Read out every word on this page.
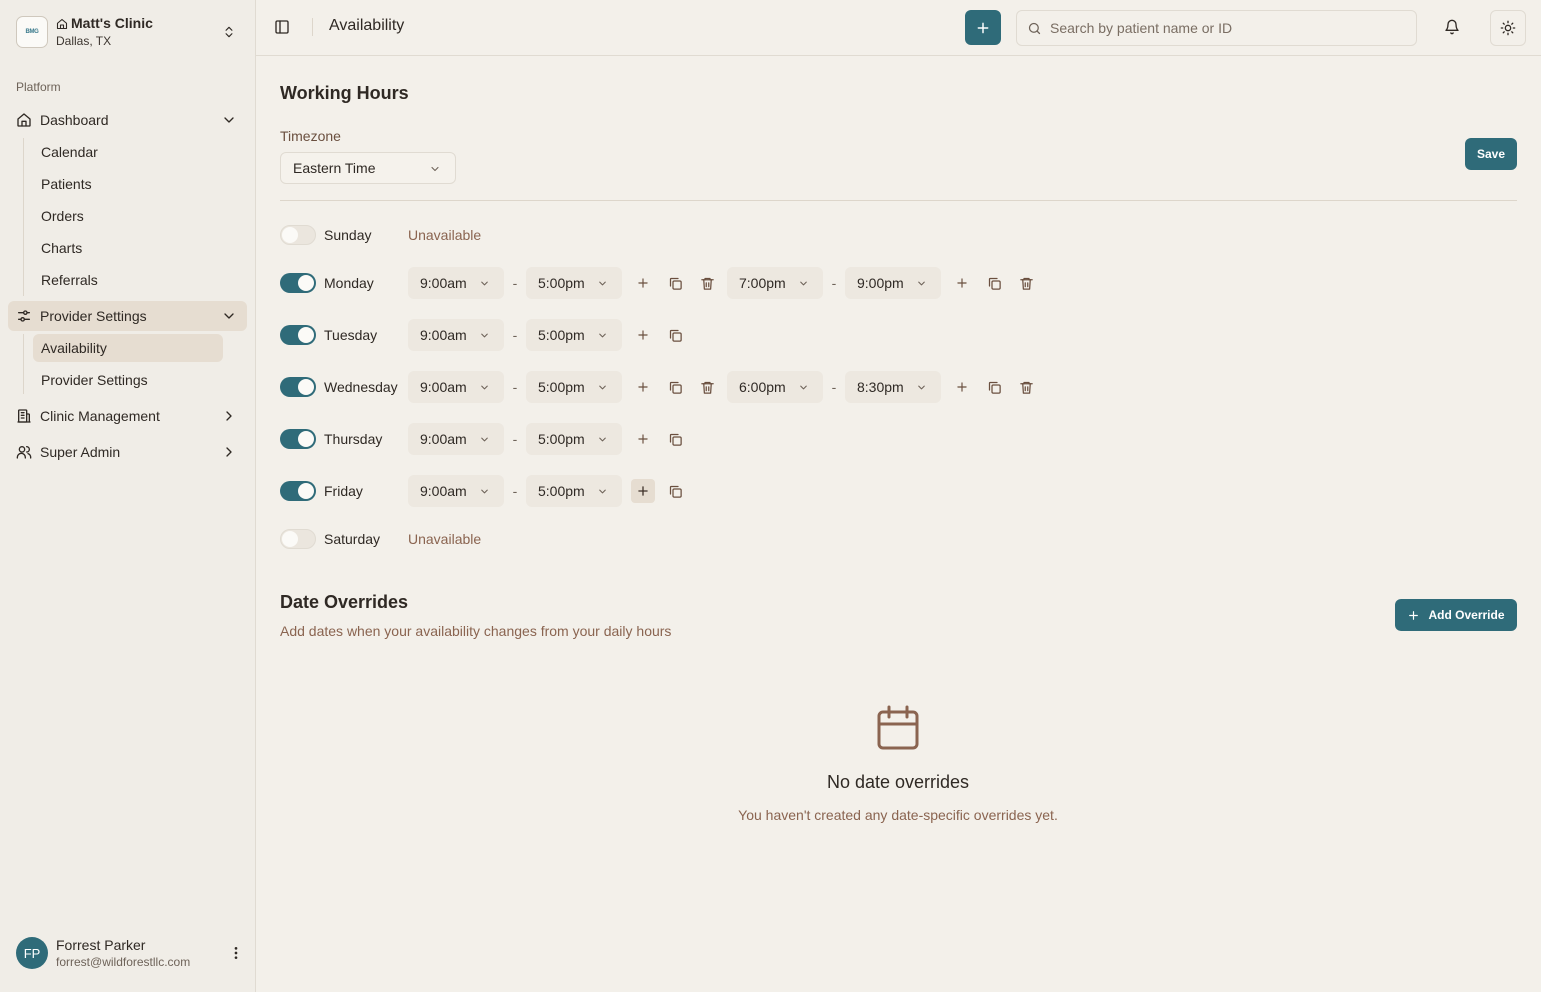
BMG
Matt's Clinic
Dallas, TX
Platform
Dashboard
Calendar
Patients
Orders
Charts
Referrals
Provider Settings
Availability
Provider Settings
Clinic Management
Super Admin
FP
Forrest Parker
forrest@wildforestllc.com
Availability
Search by patient name or ID
Working Hours
Timezone
Eastern Time
Save
Sunday	Unavailable
Monday	9:00am	-	5:00pm	7:00pm	-	9:00pm
Tuesday	9:00am	-	5:00pm
Wednesday	9:00am	-	5:00pm	6:00pm	-	8:30pm
Thursday	9:00am	-	5:00pm
Friday	9:00am	-	5:00pm
Saturday	Unavailable
Date Overrides
Add dates when your availability changes from your daily hours
Add Override
No date overrides
You haven't created any date-specific overrides yet.
